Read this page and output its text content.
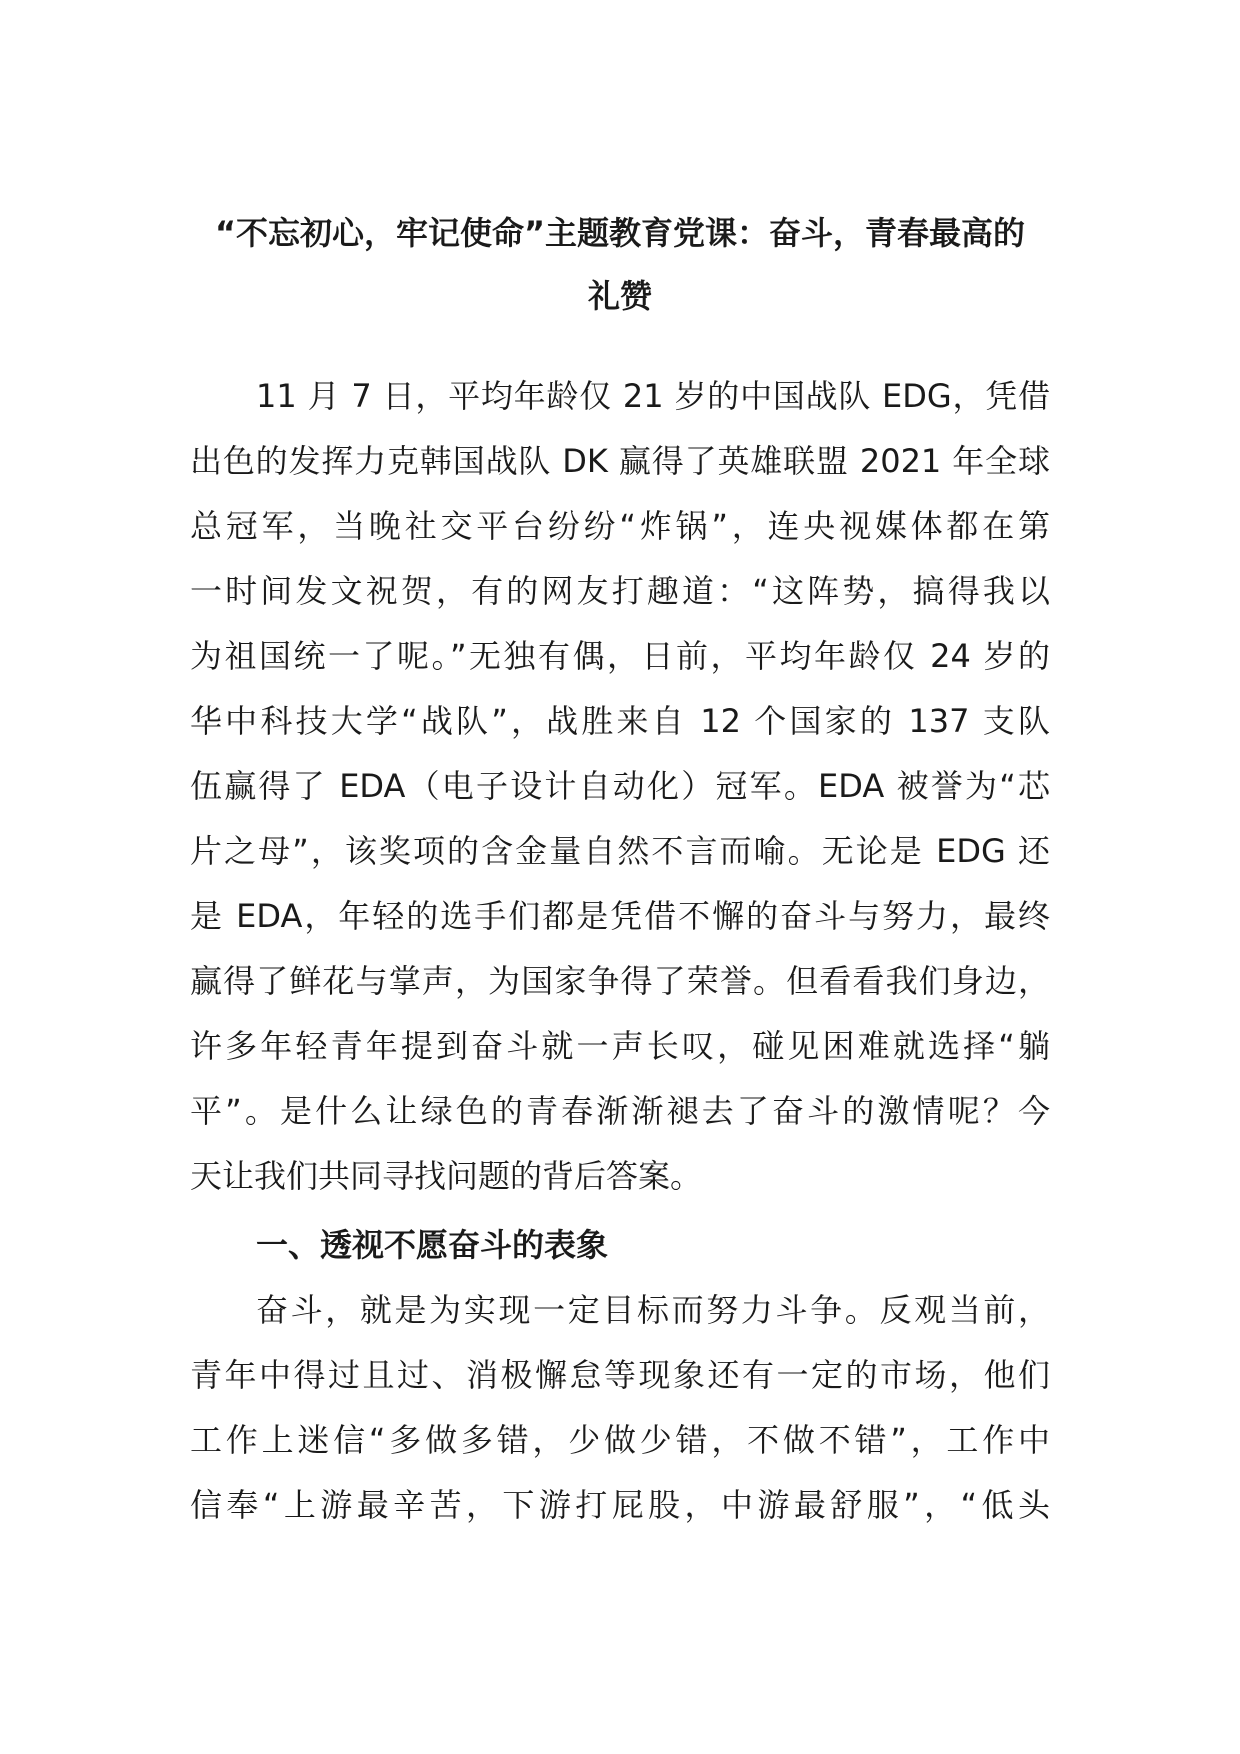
“不忘初心，牢记使命”主题教育党课：奋斗，青春最高的
礼赞
11 月 7 日，平均年龄仅 21 岁的中国战队 EDG，凭借
出色的发挥力克韩国战队 DK 赢得了英雄联盟 2021 年全球
总冠军，当晚社交平台纷纷“炸锅”，连央视媒体都在第
一时间发文祝贺，有的网友打趣道：“这阵势，搞得我以
为祖国统一了呢。”无独有偶，日前，平均年龄仅 24 岁的
华中科技大学“战队”，战胜来自 12 个国家的 137 支队
伍赢得了 EDA（电子设计自动化）冠军。EDA 被誉为“芯
片之母”，该奖项的含金量自然不言而喻。无论是 EDG 还
是 EDA，年轻的选手们都是凭借不懈的奋斗与努力，最终
赢得了鲜花与掌声，为国家争得了荣誉。但看看我们身边，
许多年轻青年提到奋斗就一声长叹，碰见困难就选择“躺
平”。是什么让绿色的青春渐渐褪去了奋斗的激情呢？今
天让我们共同寻找问题的背后答案。
一、透视不愿奋斗的表象
奋斗，就是为实现一定目标而努力斗争。反观当前，
青年中得过且过、消极懈怠等现象还有一定的市场，他们
工作上迷信“多做多错，少做少错，不做不错”，工作中
信奉“上游最辛苦，下游打屁股，中游最舒服”，“低头
